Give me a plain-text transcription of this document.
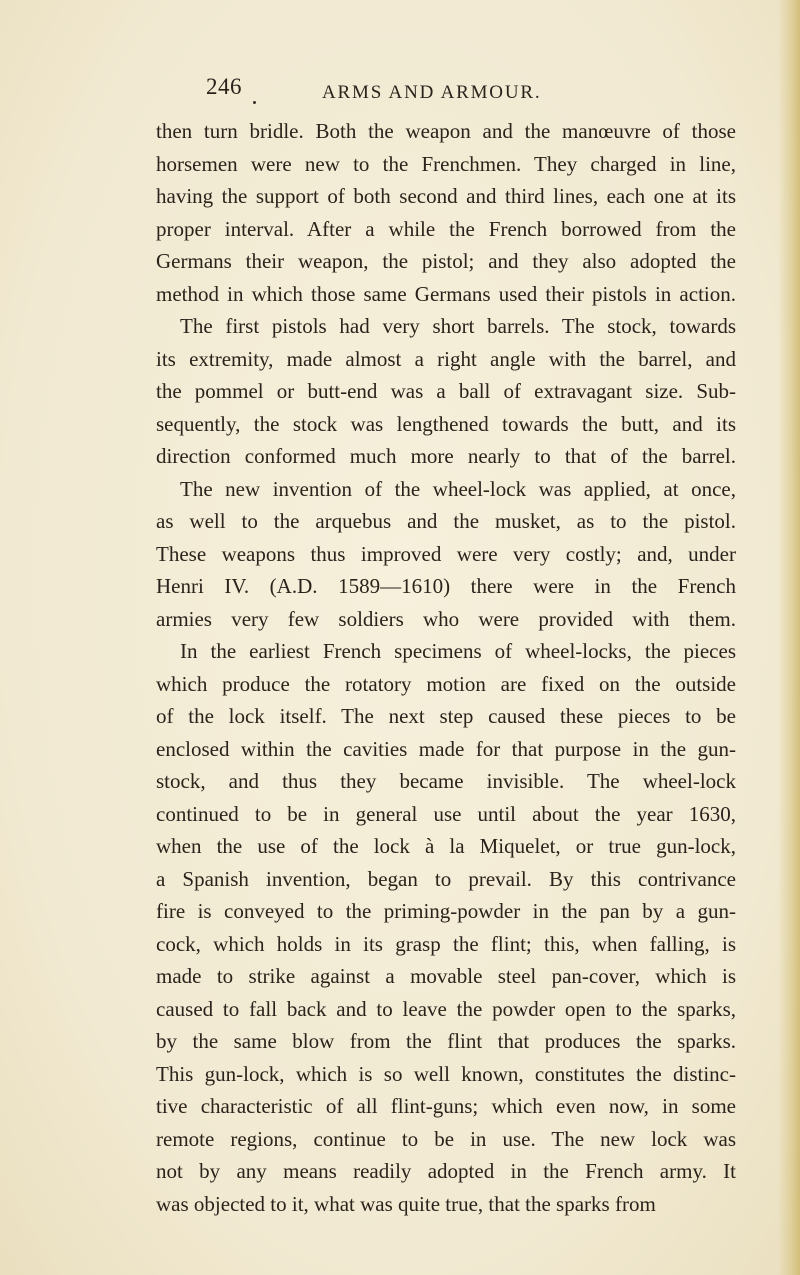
246	ARMS AND ARMOUR.
then turn bridle. Both the weapon and the manœuvre of those
horsemen were new to the Frenchmen. They charged in line,
having the support of both second and third lines, each one at its
proper interval. After a while the French borrowed from the
Germans their weapon, the pistol; and they also adopted the
method in which those same Germans used their pistols in action.
The first pistols had very short barrels. The stock, towards
its extremity, made almost a right angle with the barrel, and
the pommel or butt-end was a ball of extravagant size. Sub-
sequently, the stock was lengthened towards the butt, and its
direction conformed much more nearly to that of the barrel.
The new invention of the wheel-lock was applied, at once,
as well to the arquebus and the musket, as to the pistol.
These weapons thus improved were very costly; and, under
Henri IV. (A.D. 1589—1610) there were in the French
armies very few soldiers who were provided with them.
In the earliest French specimens of wheel-locks, the pieces
which produce the rotatory motion are fixed on the outside
of the lock itself. The next step caused these pieces to be
enclosed within the cavities made for that purpose in the gun-
stock, and thus they became invisible. The wheel-lock
continued to be in general use until about the year 1630,
when the use of the lock à la Miquelet, or true gun-lock,
a Spanish invention, began to prevail. By this contrivance
fire is conveyed to the priming-powder in the pan by a gun-
cock, which holds in its grasp the flint; this, when falling, is
made to strike against a movable steel pan-cover, which is
caused to fall back and to leave the powder open to the sparks,
by the same blow from the flint that produces the sparks.
This gun-lock, which is so well known, constitutes the distinc-
tive characteristic of all flint-guns; which even now, in some
remote regions, continue to be in use. The new lock was
not by any means readily adopted in the French army. It
was objected to it, what was quite true, that the sparks from
